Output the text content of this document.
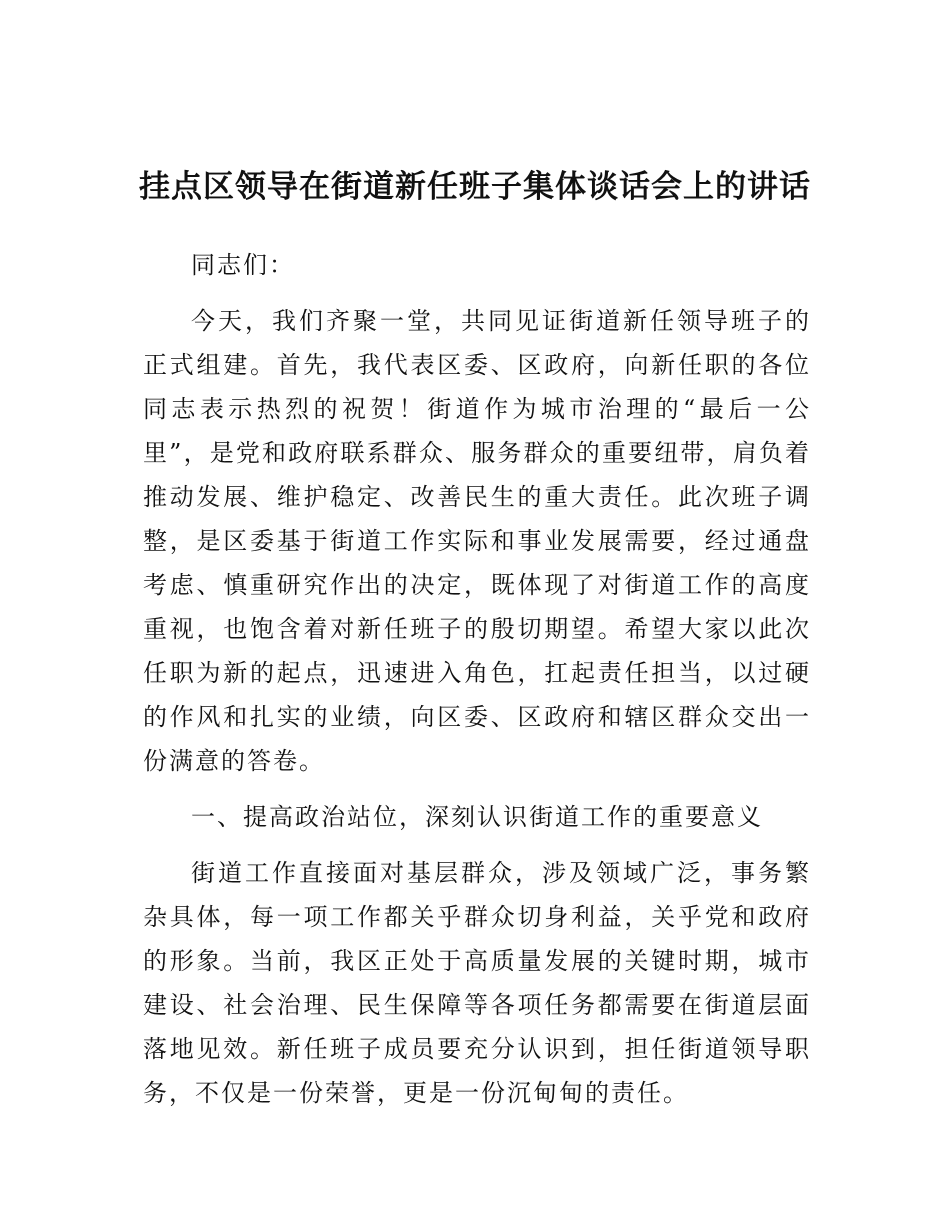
挂点区领导在街道新任班子集体谈话会上的讲话

同志们：

今天，我们齐聚一堂，共同见证街道新任领导班子的正式组建。首先，我代表区委、区政府，向新任职的各位同志表示热烈的祝贺！街道作为城市治理的“最后一公里”，是党和政府联系群众、服务群众的重要纽带，肩负着推动发展、维护稳定、改善民生的重大责任。此次班子调整，是区委基于街道工作实际和事业发展需要，经过通盘考虑、慎重研究作出的决定，既体现了对街道工作的高度重视，也饱含着对新任班子的殷切期望。希望大家以此次任职为新的起点，迅速进入角色，扛起责任担当，以过硬的作风和扎实的业绩，向区委、区政府和辖区群众交出一份满意的答卷。

一、提高政治站位，深刻认识街道工作的重要意义

街道工作直接面对基层群众，涉及领域广泛，事务繁杂具体，每一项工作都关乎群众切身利益，关乎党和政府的形象。当前，我区正处于高质量发展的关键时期，城市建设、社会治理、民生保障等各项任务都需要在街道层面落地见效。新任班子成员要充分认识到，担任街道领导职务，不仅是一份荣誉，更是一份沉甸甸的责任。
